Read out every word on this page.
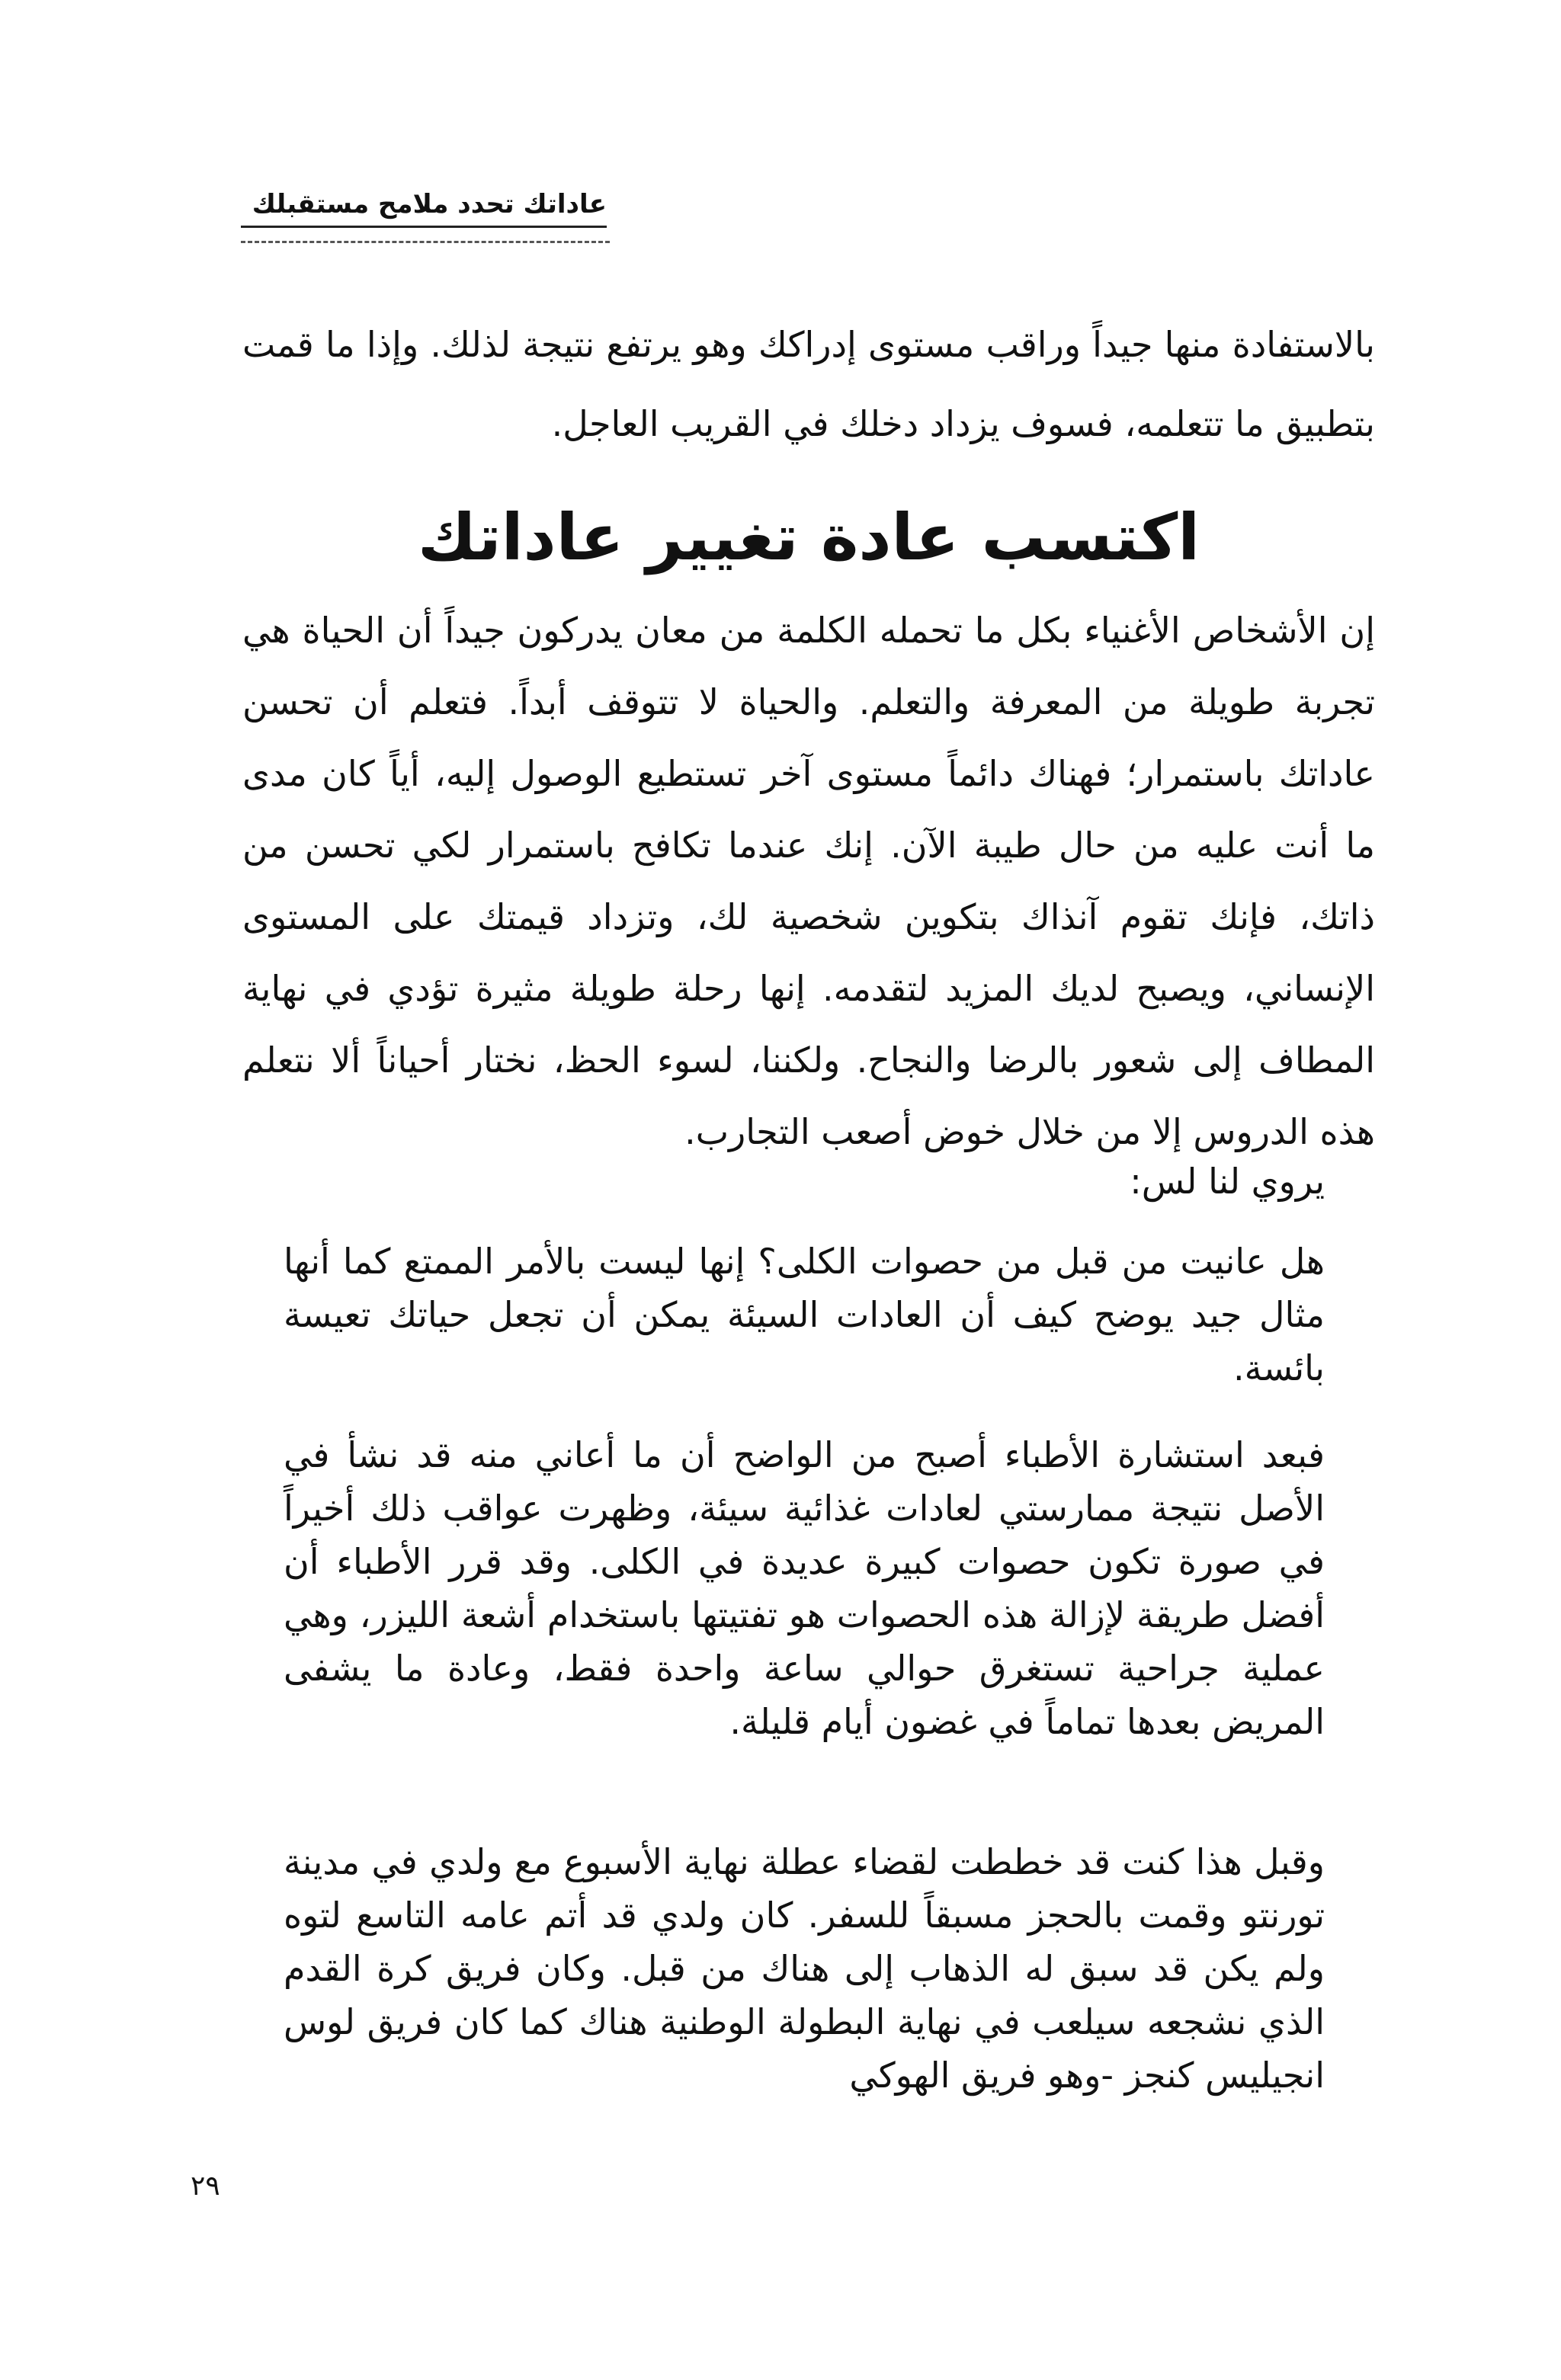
عاداتك تحدد ملامح مستقبلك

بالاستفادة منها جيداً وراقب مستوى إدراكك وهو يرتفع نتيجة لذلك. وإذا ما قمت بتطبيق ما تتعلمه، فسوف يزداد دخلك في القريب العاجل.

اكتسب عادة تغيير عاداتك

إن الأشخاص الأغنياء بكل ما تحمله الكلمة من معان يدركون جيداً أن الحياة هي تجربة طويلة من المعرفة والتعلم. والحياة لا تتوقف أبداً. فتعلم أن تحسن عاداتك باستمرار؛ فهناك دائماً مستوى آخر تستطيع الوصول إليه، أياً كان مدى ما أنت عليه من حال طيبة الآن. إنك عندما تكافح باستمرار لكي تحسن من ذاتك، فإنك تقوم آنذاك بتكوين شخصية لك، وتزداد قيمتك على المستوى الإنساني، ويصبح لديك المزيد لتقدمه. إنها رحلة طويلة مثيرة تؤدي في نهاية المطاف إلى شعور بالرضا والنجاح. ولكننا، لسوء الحظ، نختار أحياناً ألا نتعلم هذه الدروس إلا من خلال خوض أصعب التجارب.

يروي لنا لس:

هل عانيت من قبل من حصوات الكلى؟ إنها ليست بالأمر الممتع كما أنها مثال جيد يوضح كيف أن العادات السيئة يمكن أن تجعل حياتك تعيسة بائسة.

فبعد استشارة الأطباء أصبح من الواضح أن ما أعاني منه قد نشأ في الأصل نتيجة ممارستي لعادات غذائية سيئة، وظهرت عواقب ذلك أخيراً في صورة تكون حصوات كبيرة عديدة في الكلى. وقد قرر الأطباء أن أفضل طريقة لإزالة هذه الحصوات هو تفتيتها باستخدام أشعة الليزر، وهي عملية جراحية تستغرق حوالي ساعة واحدة فقط، وعادة ما يشفى المريض بعدها تماماً في غضون أيام قليلة.

وقبل هذا كنت قد خططت لقضاء عطلة نهاية الأسبوع مع ولدي في مدينة تورنتو وقمت بالحجز مسبقاً للسفر. كان ولدي قد أتم عامه التاسع لتوه ولم يكن قد سبق له الذهاب إلى هناك من قبل. وكان فريق كرة القدم الذي نشجعه سيلعب في نهاية البطولة الوطنية هناك كما كان فريق لوس انجيليس كنجز -وهو فريق الهوكي

٢٩
